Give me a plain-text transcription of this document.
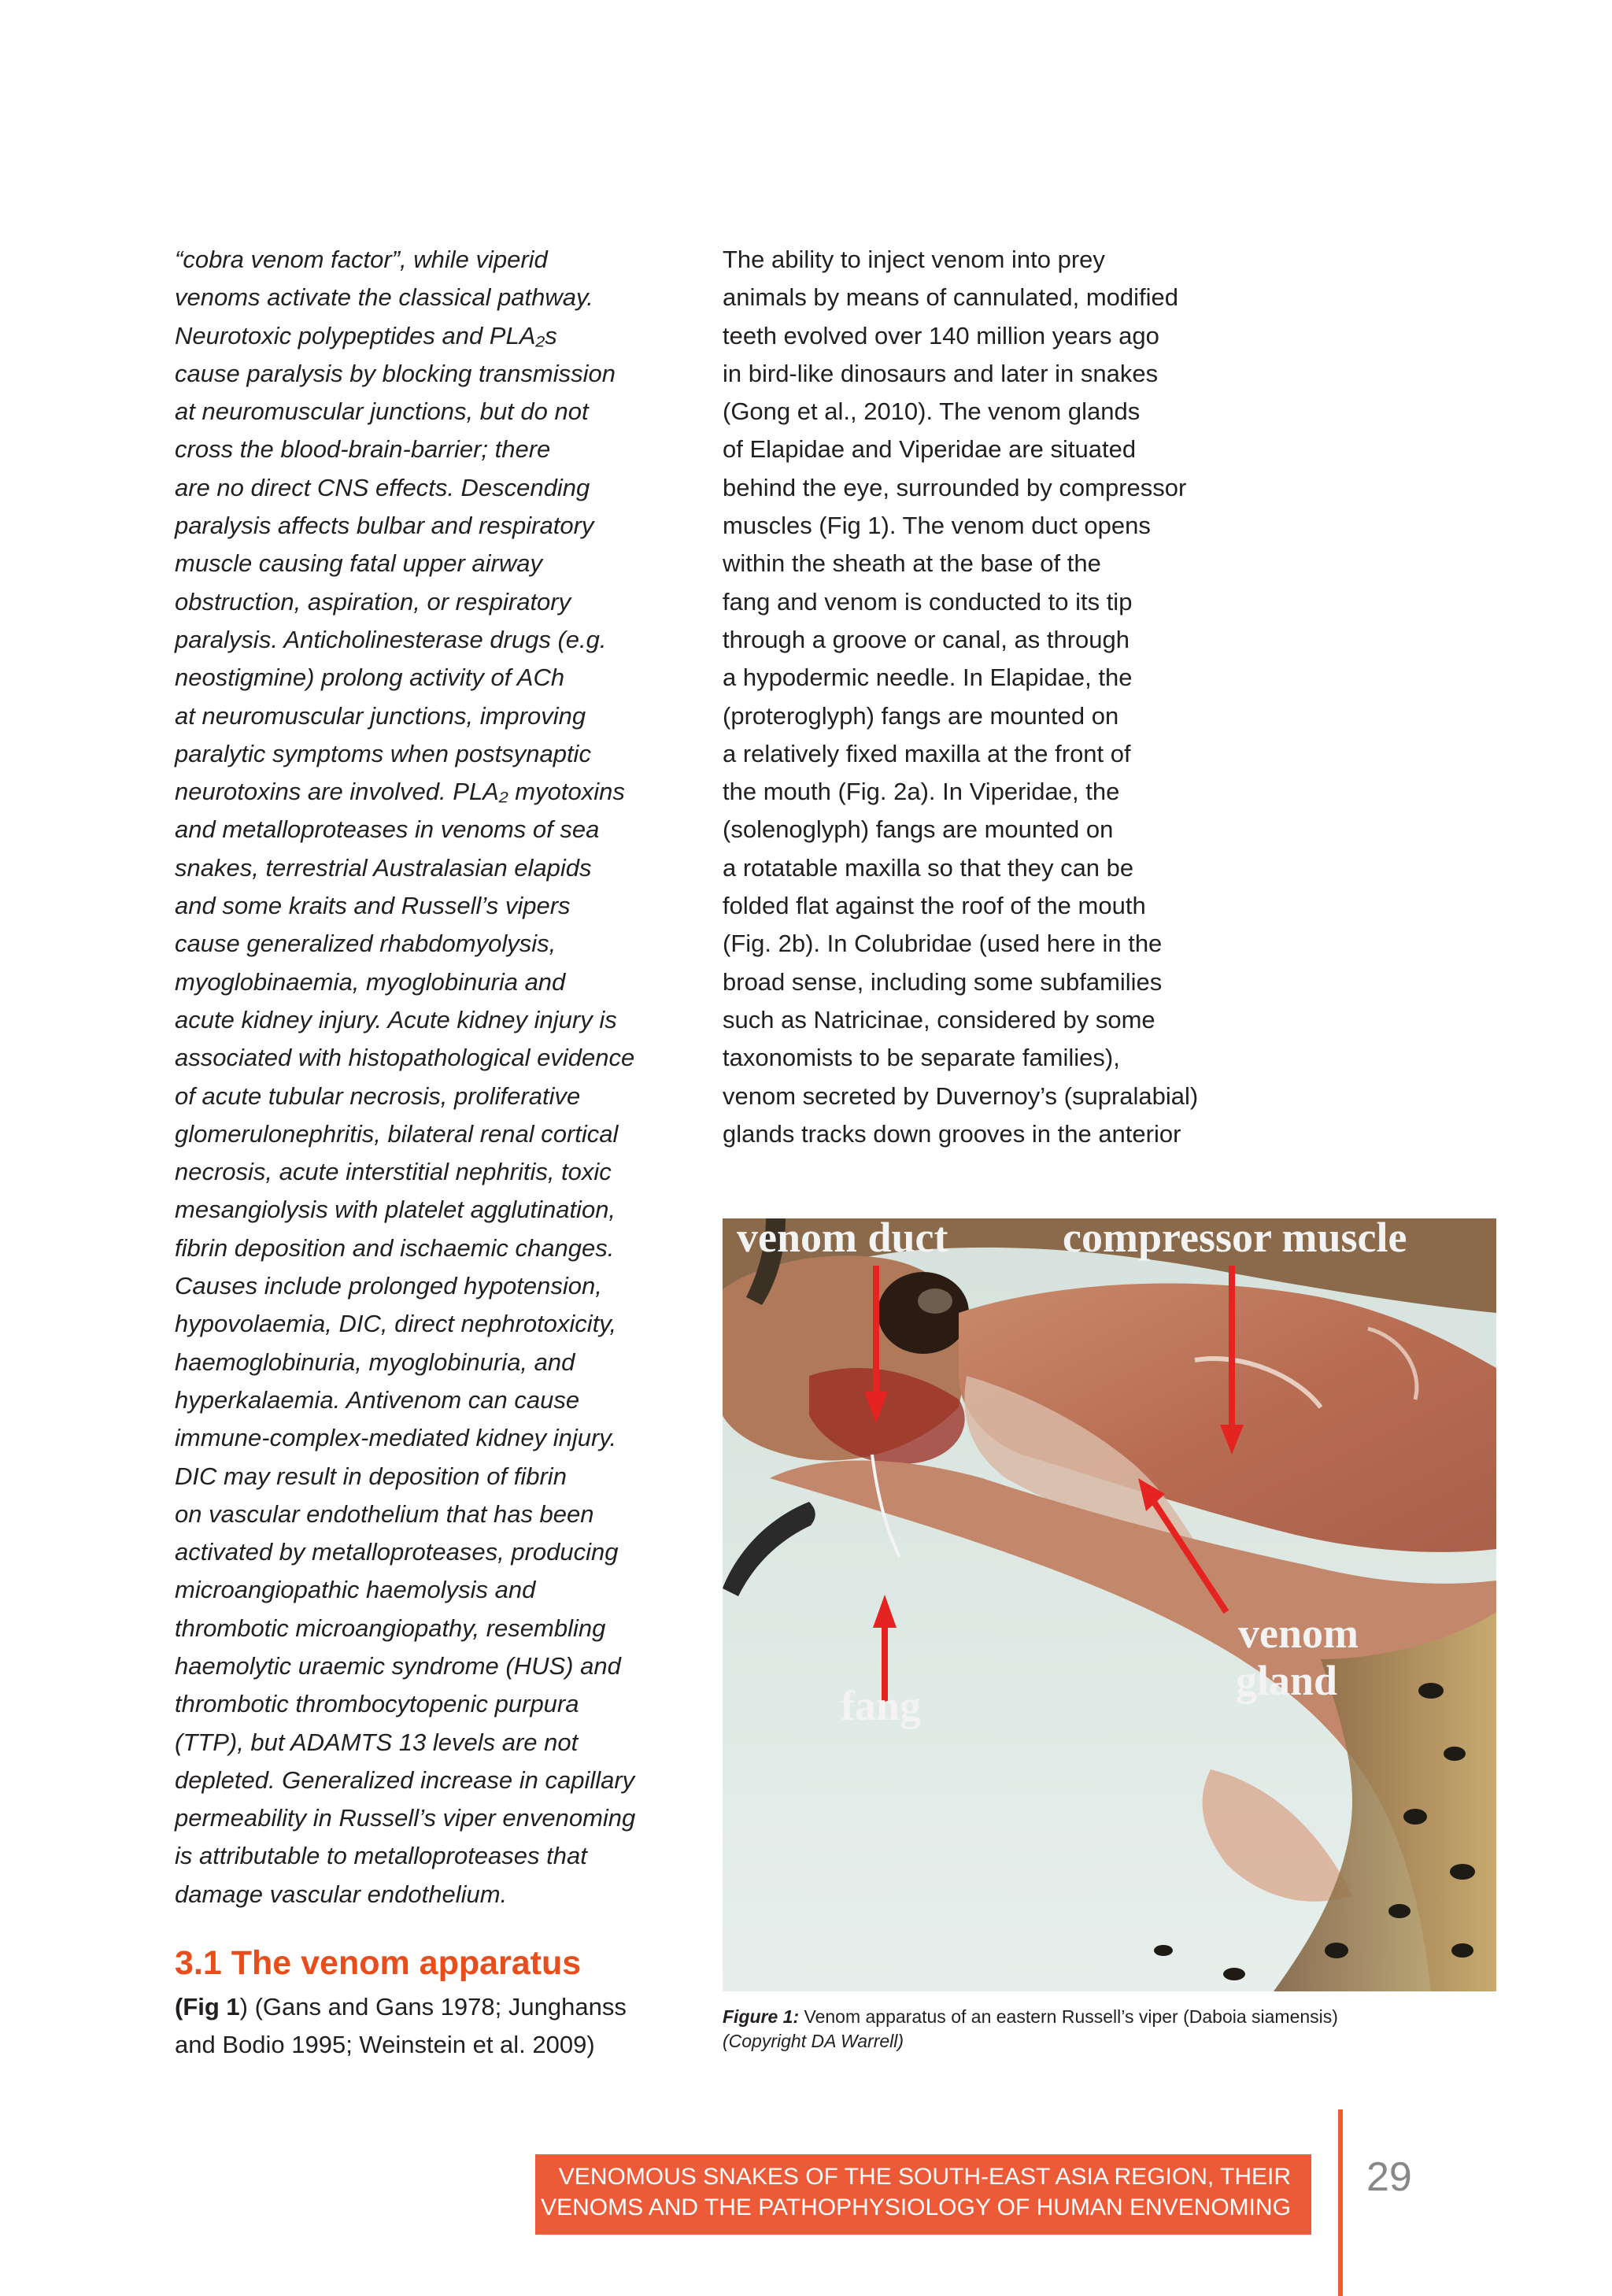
“cobra venom factor”, while viperid

venoms activate the classical pathway.

Neurotoxic polypeptides and PLA₂s

cause paralysis by blocking transmission

at neuromuscular junctions, but do not

cross the blood-brain-barrier; there

are no direct CNS effects. Descending

paralysis affects bulbar and respiratory

muscle causing fatal upper airway

obstruction, aspiration, or respiratory

paralysis. Anticholinesterase drugs (e.g.

neostigmine) prolong activity of ACh

at neuromuscular junctions, improving

paralytic symptoms when postsynaptic

neurotoxins are involved. PLA₂ myotoxins

and metalloproteases in venoms of sea

snakes, terrestrial Australasian elapids

and some kraits and Russell’s vipers

cause generalized rhabdomyolysis,

myoglobinaemia, myoglobinuria and

acute kidney injury. Acute kidney injury is

associated with histopathological evidence

of acute tubular necrosis, proliferative

glomerulonephritis, bilateral renal cortical

necrosis, acute interstitial nephritis, toxic

mesangiolysis with platelet agglutination,

fibrin deposition and ischaemic changes.

Causes include prolonged hypotension,

hypovolaemia, DIC, direct nephrotoxicity,

haemoglobinuria, myoglobinuria, and

hyperkalaemia. Antivenom can cause

immune-complex-mediated kidney injury.

DIC may result in deposition of fibrin

on vascular endothelium that has been

activated by metalloproteases, producing

microangiopathic haemolysis and

thrombotic microangiopathy, resembling

haemolytic uraemic syndrome (HUS) and

thrombotic thrombocytopenic purpura

(TTP), but ADAMTS 13 levels are not

depleted. Generalized increase in capillary

permeability in Russell’s viper envenoming

is attributable to metalloproteases that

damage vascular endothelium.

The ability to inject venom into prey

animals by means of cannulated, modified

teeth evolved over 140 million years ago

in bird-like dinosaurs and later in snakes

(Gong et al., 2010). The venom glands

of Elapidae and Viperidae are situated

behind the eye, surrounded by compressor

muscles (Fig 1). The venom duct opens

within the sheath at the base of the

fang and venom is conducted to its tip

through a groove or canal, as through

a hypodermic needle. In Elapidae, the

(proteroglyph) fangs are mounted on

a relatively fixed maxilla at the front of

the mouth (Fig. 2a). In Viperidae, the

(solenoglyph) fangs are mounted on

a rotatable maxilla so that they can be

folded flat against the roof of the mouth

(Fig. 2b). In Colubridae (used here in the

broad sense, including some subfamilies

such as Natricinae, considered by some

taxonomists to be separate families),

venom secreted by Duvernoy’s (supralabial)

glands tracks down grooves in the anterior

3.1 The venom apparatus
(Fig 1) (Gans and Gans 1978; Junghanss
and Bodio 1995; Weinstein et al. 2009)
venom duct	compressor muscle
venom
gland
fang
Figure 1: Venom apparatus of an eastern Russell’s viper (Daboia siamensis)
(Copyright DA Warrell)
VENOMOUS SNAKES OF THE SOUTH-EAST ASIA REGION, THEIR
VENOMS AND THE PATHOPHYSIOLOGY OF HUMAN ENVENOMING
29
